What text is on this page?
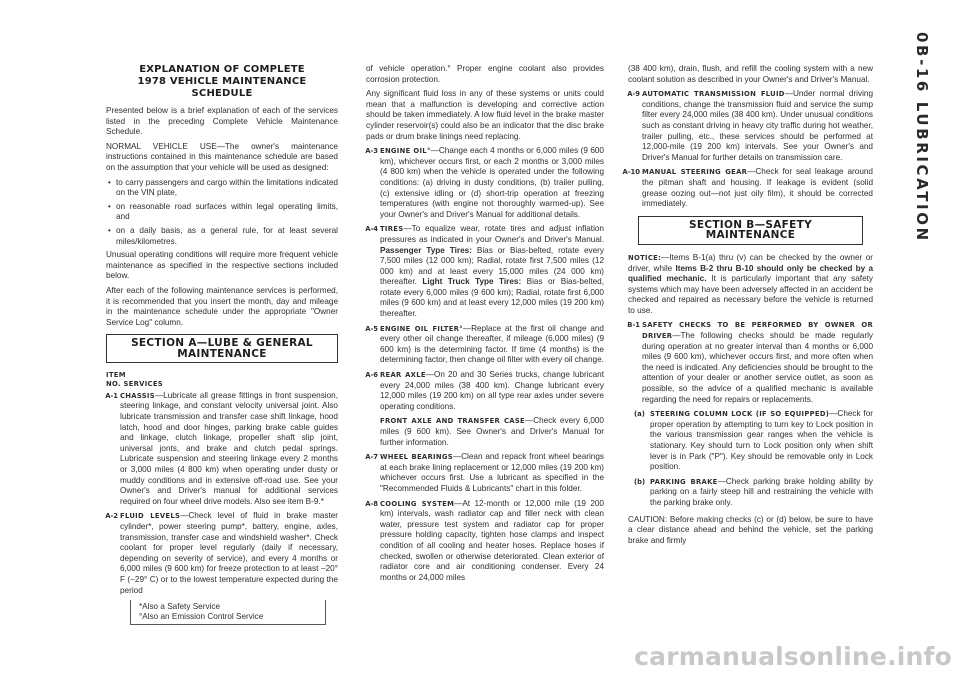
EXPLANATION OF COMPLETE
1978 VEHICLE MAINTENANCE SCHEDULE

Presented below is a brief explanation of each of the services listed in the preceding Complete Vehicle Maintenance Schedule.

NORMAL VEHICLE USE—The owner's maintenance instructions contained in this maintenance schedule are based on the assumption that your vehicle will be used as designed:

• to carry passengers and cargo within the limitations indicated on the VIN plate,
• on reasonable road surfaces within legal operating limits, and
• on a daily basis, as a general rule, for at least several miles/kilometres.

Unusual operating conditions will require more frequent vehicle maintenance as specified in the respective sections included below.

After each of the following maintenance services is performed, it is recommended that you insert the month, day and mileage in the maintenance schedule under the appropriate "Owner Service Log" column.

SECTION A—LUBE & GENERAL MAINTENANCE
ITEM
NO. SERVICES
A-1 CHASSIS—Lubricate all grease fittings in front suspension, steering linkage, and constant velocity universal joint. Also lubricate transmission and transfer case shift linkage, hood latch, hood and door hinges, parking brake cable guides and linkage, clutch linkage, propeller shaft slip joint, universal jonts, and brake and clutch pedal springs. Lubricate suspension and steering linkage every 2 months or 3,000 miles (4 800 km) when operating under dusty or muddy conditions and in extensive off-road use. See your Owner's and Driver's manual for additional services required on four wheel drive models. Also see item B-9.*
A-2 FLUID LEVELS—Check level of fluid in brake master cylinder*, power steering pump*, battery, engine, axles, transmission, transfer case and windshield washer*. Check coolant for proper level regularly (daily if necessary, depending on severity of service), and every 4 months or 6,000 miles (9 600 km) for freeze protection to at least −20° F (−29° C) or to the lowest temperature expected during the period
*Also a Safety Service
°Also an Emission Control Service

of vehicle operation.° Proper engine coolant also provides corrosion protection.

Any significant fluid loss in any of these systems or units could mean that a malfunction is developing and corrective action should be taken immediately. A low fluid level in the brake master cylinder reservoir(s) could also be an indicator that the disc brake pads or drum brake linings need replacing.

A-3 ENGINE OIL°—Change each 4 months or 6,000 miles (9 600 km), whichever occurs first, or each 2 months or 3,000 miles (4 800 km) when the vehicle is operated under the following conditions: (a) driving in dusty conditions, (b) trailer pulling, (c) extensive idling or (d) short-trip operation at freezing temperatures (with engine not thoroughly warmed-up). See your Owner's and Driver's Manual for additional details.
A-4 TIRES—To equalize wear, rotate tires and adjust inflation pressures as indicated in your Owner's and Driver's Manual. Passenger Type Tires: Bias or Bias-belted, rotate every 7,500 miles (12 000 km); Radial, rotate first 7,500 miles (12 000 km) and at least every 15,000 miles (24 000 km) thereafter. Light Truck Type Tires: Bias or Bias-belted, rotate every 6,000 miles (9 600 km); Radial, rotate first 6,000 miles (9 600 km) and at least every 12,000 miles (19 200 km) thereafter.
A-5 ENGINE OIL FILTER°—Replace at the first oil change and every other oil change thereafter, if mileage (6,000 miles) (9 600 km) is the determining factor. If time (4 months) is the determining factor, then change oil filter with every oil change.
A-6 REAR AXLE—On 20 and 30 Series trucks, change lubricant every 24,000 miles (38 400 km). Change lubricant every 12,000 miles (19 200 km) on all type rear axles under severe operating conditions.
FRONT AXLE AND TRANSFER CASE—Check every 6,000 miles (9 600 km). See Owner's and Driver's Manual for further information.
A-7 WHEEL BEARINGS—Clean and repack front wheel bearings at each brake lining replacement or 12,000 miles (19 200 km) whichever occurs first. Use a lubricant as specified in the "Recommended Fluids & Lubricants" chart in this folder.
A-8 COOLING SYSTEM—At 12-month or 12,000 mile (19 200 km) intervals, wash radiator cap and filler neck with clean water, pressure test system and radiator cap for proper pressure holding capacity, tighten hose clamps and inspect condition of all cooling and heater hoses. Replace hoses if checked, swollen or otherwise deteriorated. Clean exterior of radiator core and air conditioning condenser. Every 24 months or 24,000 miles

(38 400 km), drain, flush, and refill the cooling system with a new coolant solution as described in your Owner's and Driver's Manual.

A-9 AUTOMATIC TRANSMISSION FLUID—Under normal driving conditions, change the transmission fluid and service the sump filter every 24,000 miles (38 400 km). Under unusual conditions such as constant driving in heavy city traffic during hot weather, trailer pulling, etc., these services should be performed at 12,000-mile (19 200 km) intervals. See your Owner's and Driver's Manual for further details on transmission care.
A-10 MANUAL STEERING GEAR—Check for seal leakage around the pitman shaft and housing. If leakage is evident (solid grease oozing out—not just oily film), it should be corrected immediately.
SECTION B—SAFETY MAINTENANCE

NOTICE:—Items B-1(a) thru (v) can be checked by the owner or driver, while Items B-2 thru B-10 should only be checked by a qualified mechanic. It is particularly important that any safety systems which may have been adversely affected in an accident be checked and repaired as necessary before the vehicle is returned to use.

B-1 SAFETY CHECKS TO BE PERFORMED BY OWNER OR DRIVER—The following checks should be made regularly during operation at no greater interval than 4 months or 6,000 miles (9 600 km), whichever occurs first, and more often when the need is indicated. Any deficiencies should be brought to the attention of your dealer or another service outlet, as soon as possible, so the advice of a qualified mechanic is available regarding the need for repairs or replacements.
(a) STEERING COLUMN LOCK (IF SO EQUIPPED)—Check for proper operation by attempting to turn key to Lock position in the various transmission gear ranges when the vehicle is stationary. Key should turn to Lock position only when shift lever is in Park ("P"). Key should be removable only in Lock position.
(b) PARKING BRAKE—Check parking brake holding ability by parking on a fairly steep hill and restraining the vehicle with the parking brake only.

CAUTION: Before making checks (c) or (d) below, be sure to have a clear distance ahead and behind the vehicle, set the parking brake and firmly

0B-16 LUBRICATION
carmanualsonline.info
